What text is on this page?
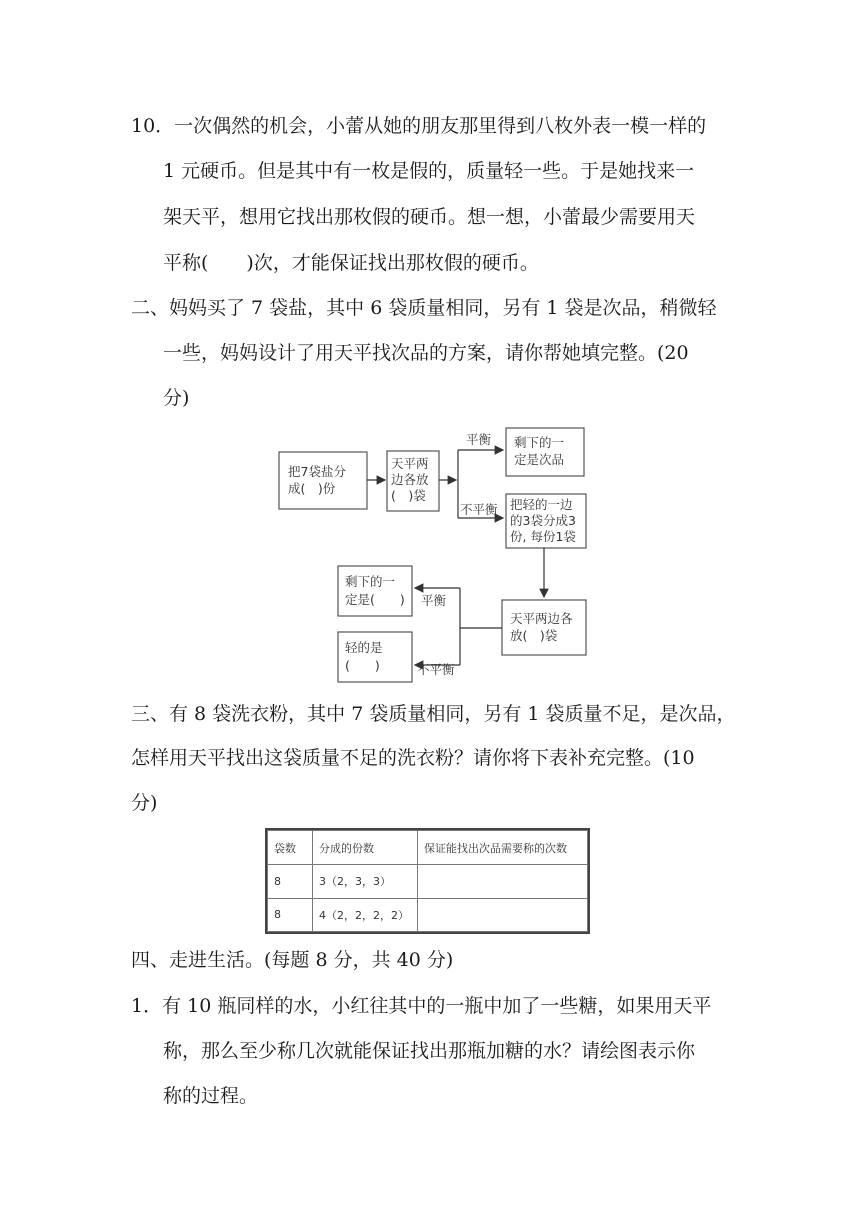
10．一次偶然的机会，小蕾从她的朋友那里得到八枚外表一模一样的
1 元硬币。但是其中有一枚是假的，质量轻一些。于是她找来一
架天平，想用它找出那枚假的硬币。想一想，小蕾最少需要用天
平称(　　)次，才能保证找出那枚假的硬币。
二、妈妈买了 7 袋盐，其中 6 袋质量相同，另有 1 袋是次品，稍微轻
一些，妈妈设计了用天平找次品的方案，请你帮她填完整。(20
分)
把7袋盐分
成(　)份
天平两
边各放
(　)袋
平衡
不平衡
剩下的一
定是次品
把轻的一边
的3袋分成3
份, 每份1袋
天平两边各
放(　)袋
平衡
不平衡
剩下的一
定是(　　)
轻的是
(　　)
三、有 8 袋洗衣粉，其中 7 袋质量相同，另有 1 袋质量不足，是次品，
怎样用天平找出这袋质量不足的洗衣粉？请你将下表补充完整。(10
分)
袋数	分成的份数	保证能找出次品需要称的次数
8	3（2，3，3）	
8	4（2，2，2，2）	
四、走进生活。(每题 8 分，共 40 分)
1．有 10 瓶同样的水，小红往其中的一瓶中加了一些糖，如果用天平
称，那么至少称几次就能保证找出那瓶加糖的水？请绘图表示你
称的过程。
